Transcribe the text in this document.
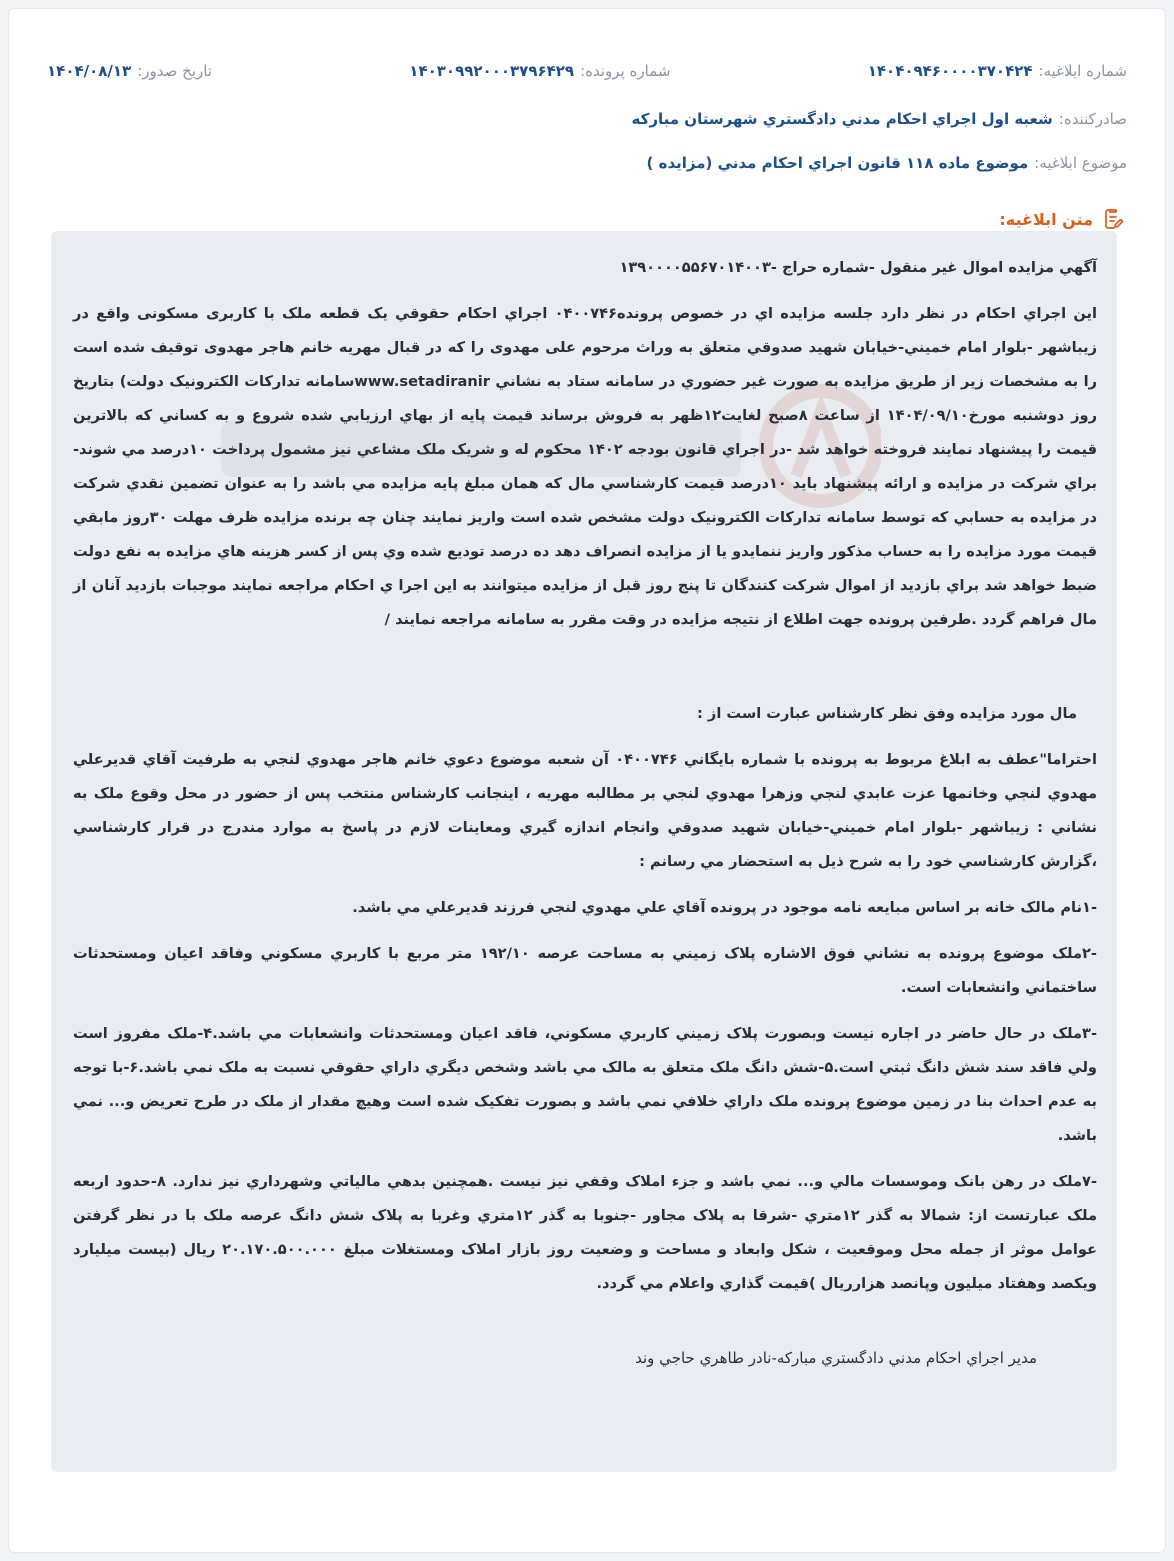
شماره ابلاغيه:
۱۴۰۴۰۹۴۶۰۰۰۰۳۷۰۴۲۴
شماره پرونده:
۱۴۰۳۰۹۹۲۰۰۰۳۷۹۶۴۲۹
تاريخ صدور:
۱۴۰۴/۰۸/۱۳
صادرکننده:
شعبه اول اجراي احکام مدني دادگستري شهرستان مبارکه
موضوع ابلاغيه:
موضوع ماده ۱۱۸ قانون اجراي احکام مدني (مزايده )
متن ابلاغيه:

آگهي مزايده اموال غير منقول -شماره حراج -۱۳۹۰۰۰۰۵۵۶۷۰۱۴۰۰۳

اين اجراي احکام در نظر دارد جلسه مزايده اي در خصوص پرونده۰۴۰۰۷۴۶ اجراي احکام حقوقي يک قطعه ملک با کاربری مسکونی واقع در زيباشهر -بلوار امام خميني-خيابان شهيد صدوقي متعلق به وراث مرحوم علی مهدوی را که در قبال مهريه خانم هاجر مهدوی توقيف شده است را به مشخصات زير از طريق مزايده به صورت غير حضوري در سامانه ستاد به نشاني www.setadiranirسامانه تدارکات الکترونيک دولت) بتاريخ روز دوشنبه مورخ۱۴۰۴/۰۹/۱۰ از ساعت ۸صبح لغايت۱۲ظهر به فروش برساند قيمت پايه از بهاي ارزيابي شده شروع و به کساني که بالاترين قيمت را پيشنهاد نمايند فروخته خواهد شد -در اجراي قانون بودجه ۱۴۰۲ محکوم له و شريک ملک مشاعي نيز مشمول پرداخت ۱۰درصد مي شوند-براي شرکت در مزايده و ارائه پيشنهاد بايد ۱۰درصد قيمت کارشناسي مال که همان مبلغ پايه مزايده مي باشد را به عنوان تضمين نقدي شرکت در مزايده به حسابي که توسط سامانه تدارکات الکترونيک دولت مشخص شده است واريز نمايند چنان چه برنده مزايده ظرف مهلت ۳۰روز مابقي قيمت مورد مزايده را به حساب مذکور واريز ننمايدو يا از مزايده انصراف دهد ده درصد توديع شده وي پس از کسر هزينه هاي مزايده به نفع دولت ضبط خواهد شد براي بازديد از اموال شرکت کنندگان تا پنج روز قبل از مزايده ميتوانند به اين اجرا ي احکام مراجعه نمايند موجبات بازديد آنان از مال فراهم گردد .طرفين پرونده جهت اطلاع از نتيجه مزايده در وقت مقرر به سامانه مراجعه نمايند /

مال مورد مزايده وفق نظر کارشناس عبارت است از :

احتراما"عطف به ابلاغ مربوط به پرونده با شماره بايگاني ۰۴۰۰۷۴۶ آن شعبه موضوع دعوي خانم هاجر مهدوي لنجي به طرفيت آقاي قديرعلي مهدوي لنجي وخانمها عزت عابدي لنجي وزهرا مهدوي لنجي بر مطالبه مهريه ، اينجانب کارشناس منتخب پس از حضور در محل وقوع ملک به نشاني : زيباشهر -بلوار امام خميني-خيابان شهيد صدوقي وانجام اندازه گيري ومعاينات لازم در پاسخ به موارد مندرج در قرار کارشناسي ،گزارش کارشناسي خود را به شرح ذيل به استحضار مي رسانم :

-۱نام مالک خانه بر اساس مبايعه نامه موجود در پرونده آقاي علي مهدوي لنجي فرزند قديرعلي مي باشد.

-۲ملک موضوع پرونده به نشاني فوق الاشاره پلاک زميني به مساحت عرصه ۱۹۲/۱۰ متر مربع با کاربري مسکوني وفاقد اعيان ومستحدثات ساختماني وانشعابات است.

-۳ملک در حال حاضر در اجاره نيست وبصورت پلاک زميني کاربري مسکوني، فاقد اعيان ومستحدثات وانشعابات مي باشد.۴-ملک مفروز است ولي فاقد سند شش دانگ ثبتي است.۵-شش دانگ ملک متعلق به مالک مي باشد وشخص ديگري داراي حقوقي نسبت به ملک نمي باشد.۶-با توجه به عدم احداث بنا در زمين موضوع پرونده ملک داراي خلافي نمي باشد و بصورت تفکيک شده است وهيچ مقدار از ملک در طرح تعريض و... نمي باشد.

-۷ملک در رهن بانک وموسسات مالي و... نمي باشد و جزء املاک وقفي نيز نيست .همچنين بدهي مالياتي وشهرداري نيز ندارد. ۸-حدود اربعه ملک عبارتست از: شمالا به گذر ۱۲متري -شرقا به پلاک مجاور -جنوبا به گذر ۱۲متري وغربا به پلاک شش دانگ عرصه ملک با در نظر گرفتن عوامل موثر از جمله محل وموقعيت ، شکل وابعاد و مساحت و وضعيت روز بازار املاک ومستغلات مبلغ ۲۰.۱۷۰.۵۰۰.۰۰۰ ريال (بيست ميليارد ويکصد وهفتاد ميليون وپانصد هزارريال )قيمت گذاري واعلام مي گردد.

مدير اجراي احکام مدني دادگستري مبارکه-نادر طاهري حاجي وند
